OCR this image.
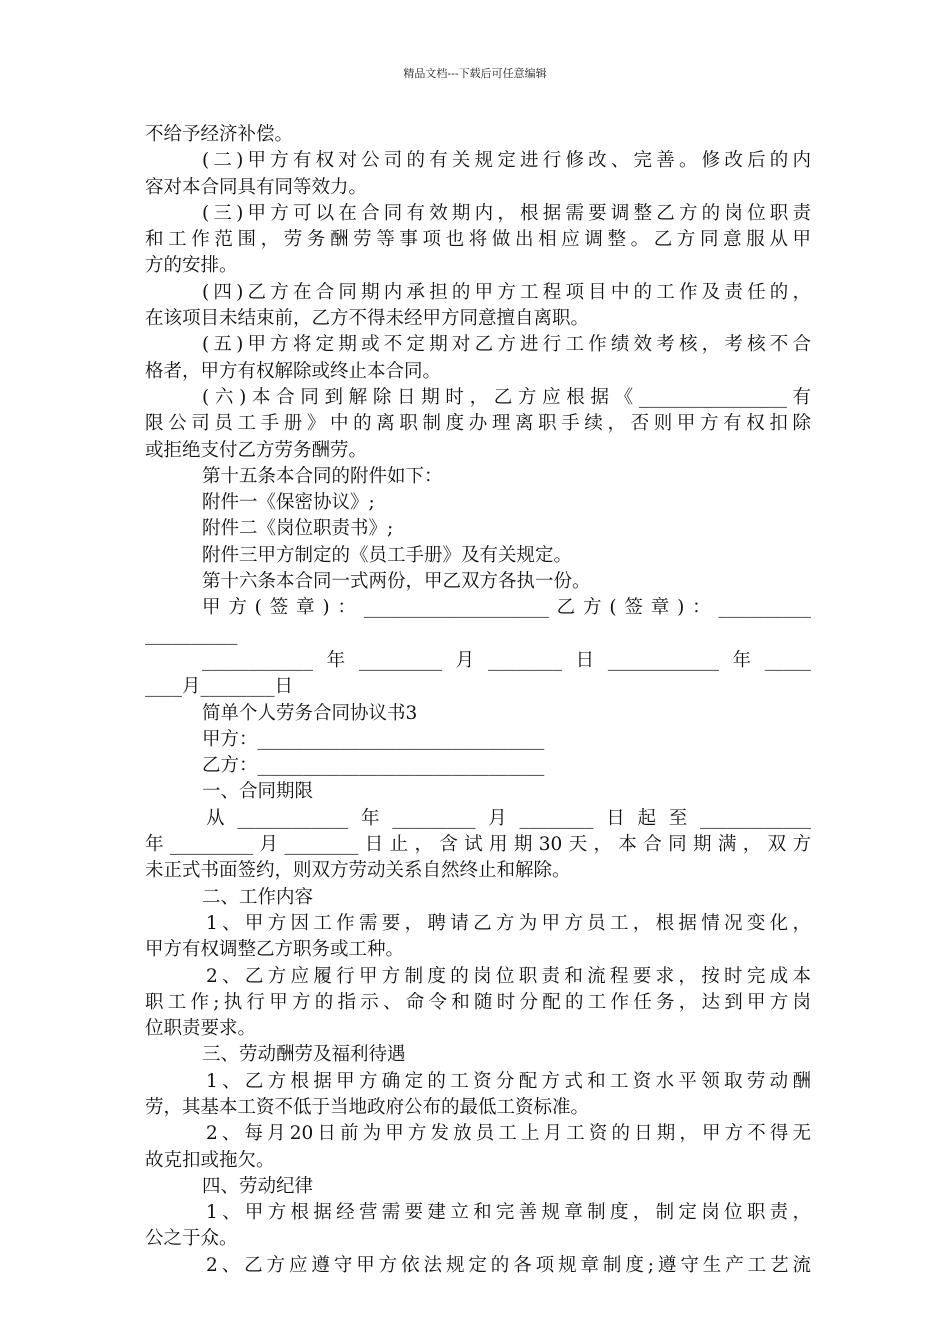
精品文档---下载后可任意编辑
不给予经济补偿。
(二)甲方有权对公司的有关规定进行修改、完善。修改后的内
容对本合同具有同等效力。
(三)甲方可以在合同有效期内，根据需要调整乙方的岗位职责
和工作范围，劳务酬劳等事项也将做出相应调整。乙方同意服从甲
方的安排。
(四)乙方在合同期内承担的甲方工程项目中的工作及责任的，
在该项目未结束前，乙方不得未经甲方同意擅自离职。
(五)甲方将定期或不定期对乙方进行工作绩效考核，考核不合
格者，甲方有权解除或终止本合同。
(六)本合同到解除日期时，乙方应根据《________________有
限公司员工手册》中的离职制度办理离职手续，否则甲方有权扣除
或拒绝支付乙方劳务酬劳。
第十五条本合同的附件如下：
附件一《保密协议》;
附件二《岗位职责书》;
附件三甲方制定的《员工手册》及有关规定。
第十六条本合同一式两份，甲乙双方各执一份。
甲方(签章)：____________________乙方(签章)：__________
__________
____________年_________月________日____________年_____
____月________日
简单个人劳务合同协议书3
甲方：_______________________________
乙方：_______________________________
一、合同期限
从____________年_________月________日起至____________
年_________月________日止，含试用期30天，本合同期满，双方
未正式书面签约，则双方劳动关系自然终止和解除。
二、工作内容
1、甲方因工作需要，聘请乙方为甲方员工，根据情况变化，
甲方有权调整乙方职务或工种。
2、乙方应履行甲方制度的岗位职责和流程要求，按时完成本
职工作;执行甲方的指示、命令和随时分配的工作任务，达到甲方岗
位职责要求。
三、劳动酬劳及福利待遇
1、乙方根据甲方确定的工资分配方式和工资水平领取劳动酬
劳，其基本工资不低于当地政府公布的最低工资标准。
2、每月20日前为甲方发放员工上月工资的日期，甲方不得无
故克扣或拖欠。
四、劳动纪律
1、甲方根据经营需要建立和完善规章制度，制定岗位职责，
公之于众。
2、乙方应遵守甲方依法规定的各项规章制度;遵守生产工艺流
